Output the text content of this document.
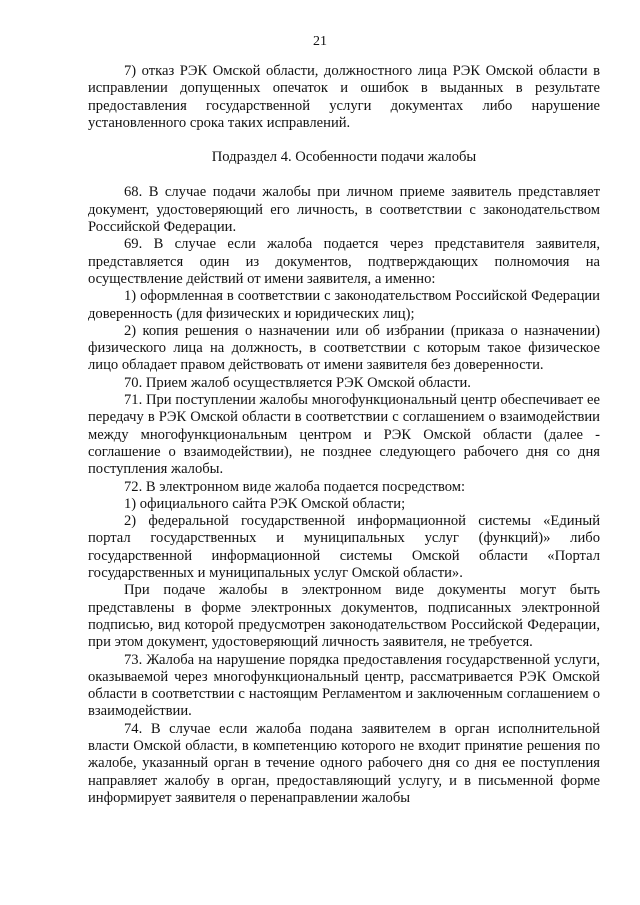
21

7) отказ РЭК Омской области, должностного лица РЭК Омской области в исправлении допущенных опечаток и ошибок в выданных в результате предоставления государственной услуги документах либо нарушение установленного срока таких исправлений.

Подраздел 4. Особенности подачи жалобы

68. В случае подачи жалобы при личном приеме заявитель представляет документ, удостоверяющий его личность, в соответствии с законодательством Российской Федерации.

69. В случае если жалоба подается через представителя заявителя, представляется один из документов, подтверждающих полномочия на осуществление действий от имени заявителя, а именно:

1) оформленная в соответствии с законодательством Российской Федерации доверенность (для физических и юридических лиц);

2) копия решения о назначении или об избрании (приказа о назначении) физического лица на должность, в соответствии с которым такое физическое лицо обладает правом действовать от имени заявителя без доверенности.

70. Прием жалоб осуществляется РЭК Омской области.

71. При поступлении жалобы многофункциональный центр обеспечивает ее передачу в РЭК Омской области в соответствии с соглашением о взаимодействии между многофункциональным центром и РЭК Омской области (далее - соглашение о взаимодействии), не позднее следующего рабочего дня со дня поступления жалобы.

72. В электронном виде жалоба подается посредством:

1) официального сайта РЭК Омской области;

2) федеральной государственной информационной системы «Единый портал государственных и муниципальных услуг (функций)» либо государственной информационной системы Омской области «Портал государственных и муниципальных услуг Омской области».

При подаче жалобы в электронном виде документы могут быть представлены в форме электронных документов, подписанных электронной подписью, вид которой предусмотрен законодательством Российской Федерации, при этом документ, удостоверяющий личность заявителя, не требуется.

73. Жалоба на нарушение порядка предоставления государственной услуги, оказываемой через многофункциональный центр, рассматривается РЭК Омской области в соответствии с настоящим Регламентом и заключенным соглашением о взаимодействии.

74. В случае если жалоба подана заявителем в орган исполнительной власти Омской области, в компетенцию которого не входит принятие решения по жалобе, указанный орган в течение одного рабочего дня со дня ее поступления направляет жалобу в орган, предоставляющий услугу, и в письменной форме информирует заявителя о перенаправлении жалобы
